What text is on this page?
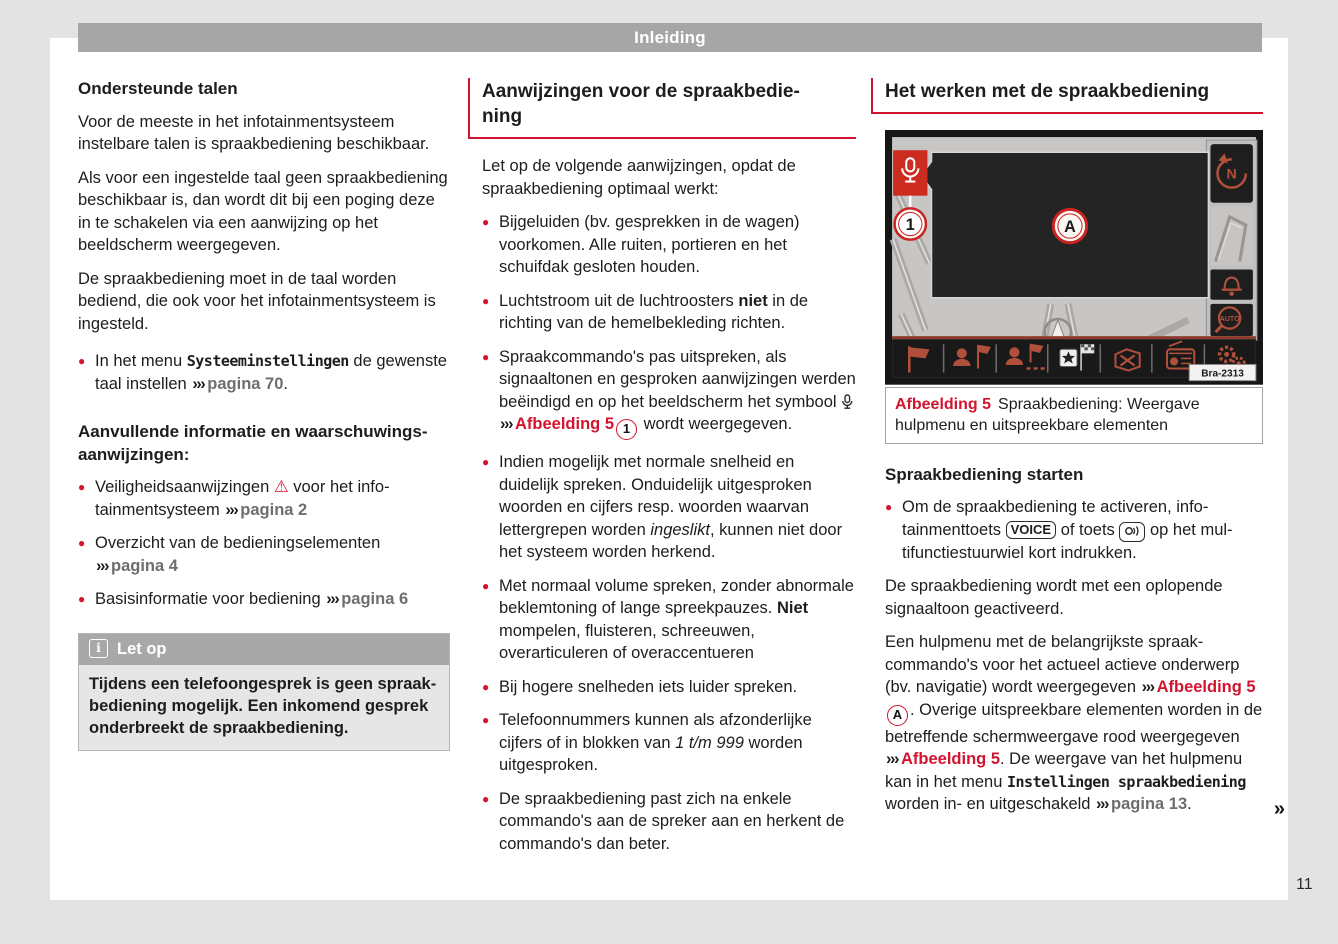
Inleiding
Ondersteunde talen

Voor de meeste in het infotainmentsysteem instelbare talen is spraakbediening beschikbaar.

Als voor een ingestelde taal geen spraakbediening beschikbaar is, dan wordt dit bij een poging deze in te schakelen via een aanwijzing op het beeldscherm weergegeven.

De spraakbediening moet in de taal worden bediend, die ook voor het infotainmentsysteem is ingesteld.

● In het menu Systeeminstellingen de gewenste taal instellen ››› pagina 70.

Aanvullende informatie en waarschuwingsaanwijzingen:

● Veiligheidsaanwijzingen ⚠ voor het infotainmentsysteem ››› pagina 2

● Overzicht van de bedieningselementen ››› pagina 4

● Basisinformatie voor bediening ››› pagina 6

i Let op
Tijdens een telefoongesprek is geen spraakbediening mogelijk. Een inkomend gesprek onderbreekt de spraakbediening.
Aanwijzingen voor de spraakbediening

Let op de volgende aanwijzingen, opdat de spraakbediening optimaal werkt:

● Bijgeluiden (bv. gesprekken in de wagen) voorkomen. Alle ruiten, portieren en het schuifdak gesloten houden.

● Luchtstroom uit de luchtroosters niet in de richting van de hemelbekleding richten.

● Spraakcommando's pas uitspreken, als signaaltonen en gesproken aanwijzingen werden beëindigd en op het beeldscherm het symbool ››› Afbeelding 5 1 wordt weergegeven.

● Indien mogelijk met normale snelheid en duidelijk spreken. Onduidelijk uitgesproken woorden en cijfers resp. woorden waarvan lettergrepen worden ingeslikt, kunnen niet door het systeem worden herkend.

● Met normaal volume spreken, zonder abnormale beklemtoning of lange spreekpauzes. Niet mompelen, fluisteren, schreeuwen, overarticuleren of overaccentueren

● Bij hogere snelheden iets luider spreken.

● Telefoonnummers kunnen als afzonderlijke cijfers of in blokken van 1 t/m 999 worden uitgesproken.

● De spraakbediening past zich na enkele commando's aan de spreker aan en herkent de commando's dan beter.

Het werken met de spraakbediening
N
AUTO
1	A
Bra-2313
Afbeelding 5 Spraakbediening: Weergave hulpmenu en uitspreekbare elementen
Spraakbediening starten

● Om de spraakbediening te activeren, infotainmenttoets VOICE of toets  op het multifunctiestuurwiel kort indrukken.

De spraakbediening wordt met een oplopende signaaltoon geactiveerd.

Een hulpmenu met de belangrijkste spraakcommando's voor het actueel actieve onderwerp (bv. navigatie) wordt weergegeven ››› Afbeelding 5A . Overige uitspreekbare elementen worden in de betreffende schermweergave rood weergegeven ››› Afbeelding 5. De weergave van het hulpmenu kan in het menu Instellingen spraakbediening worden in- en uitgeschakeld ››› pagina 13.	»
11
